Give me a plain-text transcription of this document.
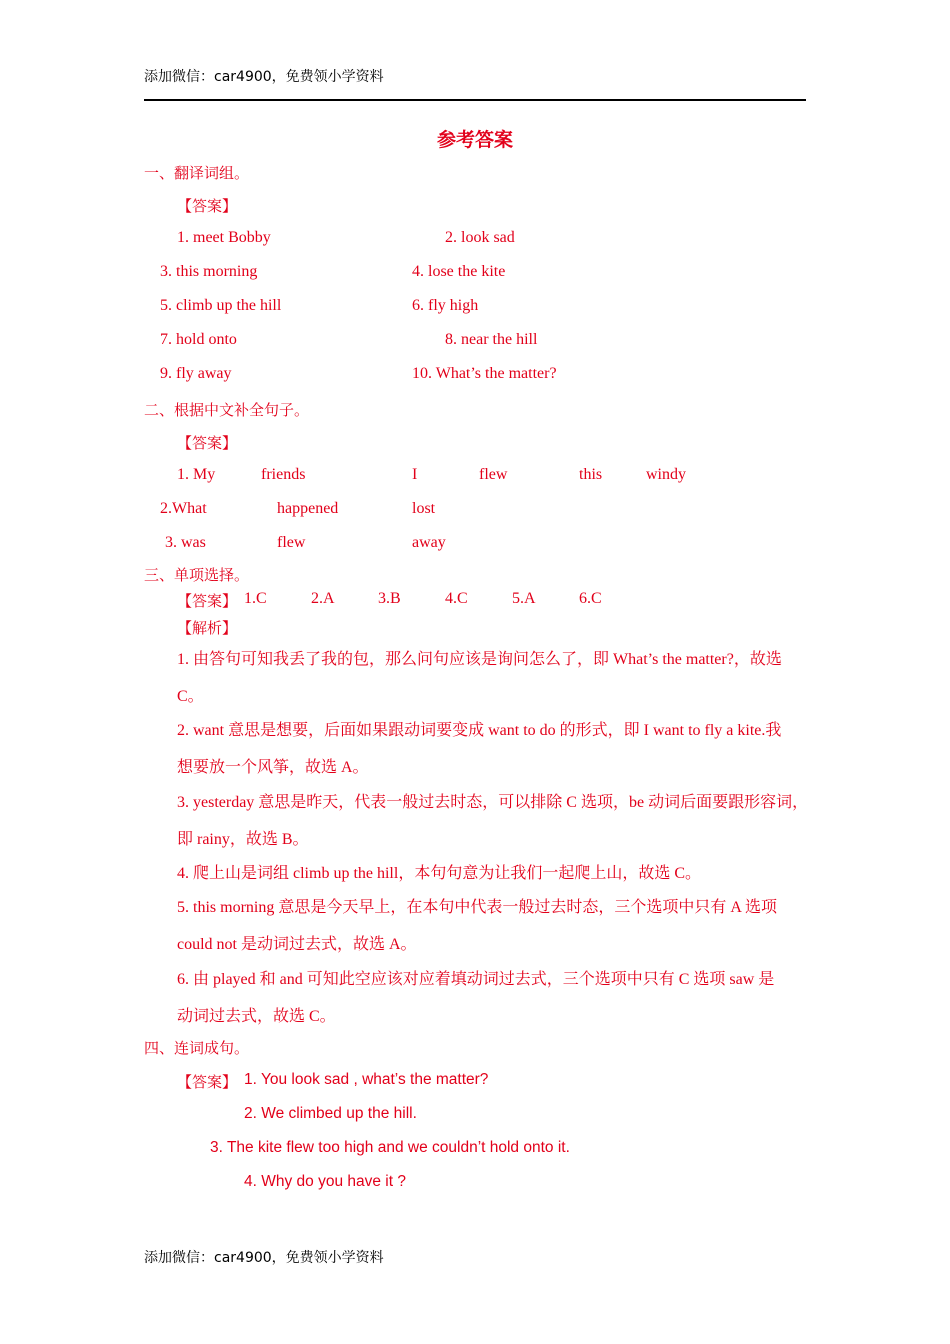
添加微信：car4900，免费领小学资料
参考答案
一、翻译词组。
【答案】
1. meet Bobby	2. look sad
3. this morning	4. lose the kite
5. climb up the hill	6. fly high
7. hold onto	8. near the hill
9. fly away	10. What’s the matter?
二、根据中文补全句子。
【答案】
1. My	friends	I	flew	this	windy
2.What	happened	lost
3. was	flew	away
三、单项选择。
【答案】 1.C	2.A	3.B	4.C	5.A	6.C
【解析】
1. 由答句可知我丢了我的包，那么问句应该是询问怎么了，即 What’s the matter?，故选
C。
2. want 意思是想要，后面如果跟动词要变成 want to do 的形式，即 I want to fly a kite.我
想要放一个风筝，故选 A。
3. yesterday 意思是昨天，代表一般过去时态，可以排除 C 选项，be 动词后面要跟形容词，
即 rainy，故选 B。
4. 爬上山是词组 climb up the hill，本句句意为让我们一起爬上山，故选 C。
5. this morning 意思是今天早上，在本句中代表一般过去时态，三个选项中只有 A 选项
could not 是动词过去式，故选 A。
6. 由 played 和 and 可知此空应该对应着填动词过去式，三个选项中只有 C 选项 saw 是
动词过去式，故选 C。
四、连词成句。
【答案】 1. You look sad , what’s the matter?
2. We climbed up the hill.
3. The kite flew too high and we couldn’t hold onto it.
4. Why do you have it ?
添加微信：car4900，免费领小学资料
